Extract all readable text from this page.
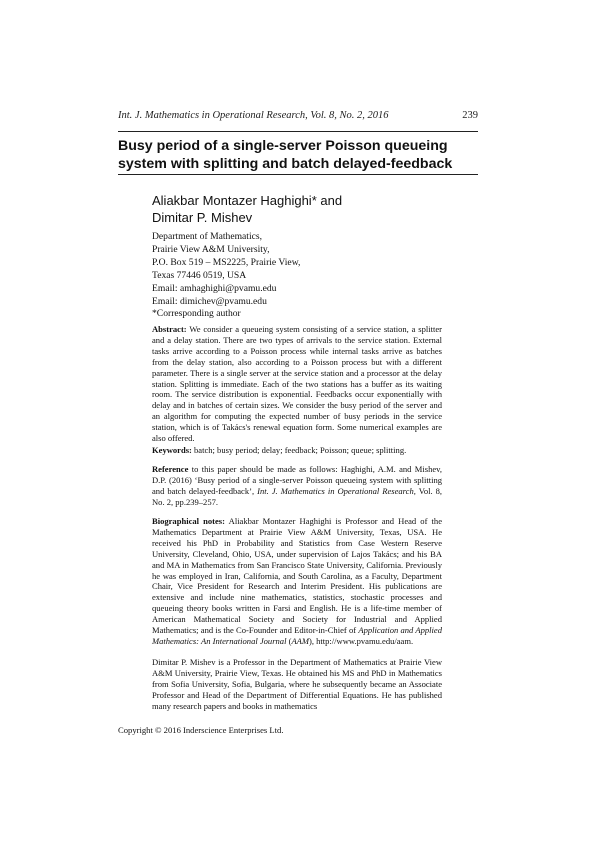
Int. J. Mathematics in Operational Research, Vol. 8, No. 2, 2016	239
Busy period of a single-server Poisson queueing
system with splitting and batch delayed-feedback
Aliakbar Montazer Haghighi* and
Dimitar P. Mishev
Department of Mathematics,
Prairie View A&M University,
P.O. Box 519 – MS2225, Prairie View,
Texas 77446 0519, USA
Email: amhaghighi@pvamu.edu
Email: dimichev@pvamu.edu
*Corresponding author
Abstract: We consider a queueing system consisting of a service station, a splitter and a delay station. There are two types of arrivals to the service station. External tasks arrive according to a Poisson process while internal tasks arrive as batches from the delay station, also according to a Poisson process but with a different parameter. There is a single server at the service station and a processor at the delay station. Splitting is immediate. Each of the two stations has a buffer as its waiting room. The service distribution is exponential. Feedbacks occur exponentially with delay and in batches of certain sizes. We consider the busy period of the server and an algorithm for computing the expected number of busy periods in the service station, which is of Takács's renewal equation form. Some numerical examples are also offered.
Keywords: batch; busy period; delay; feedback; Poisson; queue; splitting.
Reference to this paper should be made as follows: Haghighi, A.M. and Mishev, D.P. (2016) ‘Busy period of a single-server Poisson queueing system with splitting and batch delayed-feedback’, Int. J. Mathematics in Operational Research, Vol. 8, No. 2, pp.239–257.
Biographical notes: Aliakbar Montazer Haghighi is Professor and Head of the Mathematics Department at Prairie View A&M University, Texas, USA. He received his PhD in Probability and Statistics from Case Western Reserve University, Cleveland, Ohio, USA, under supervision of Lajos Takács; and his BA and MA in Mathematics from San Francisco State University, California. Previously he was employed in Iran, California, and South Carolina, as a Faculty, Department Chair, Vice President for Research and Interim President. His publications are extensive and include nine mathematics, statistics, stochastic processes and queueing theory books written in Farsi and English. He is a life-time member of American Mathematical Society and Society for Industrial and Applied Mathematics; and is the Co-Founder and Editor-in-Chief of Application and Applied Mathematics: An International Journal (AAM), http://www.pvamu.edu/aam.
Dimitar P. Mishev is a Professor in the Department of Mathematics at Prairie View A&M University, Prairie View, Texas. He obtained his MS and PhD in Mathematics from Sofia University, Sofia, Bulgaria, where he subsequently became an Associate Professor and Head of the Department of Differential Equations. He has published many research papers and books in mathematics
Copyright © 2016 Inderscience Enterprises Ltd.
